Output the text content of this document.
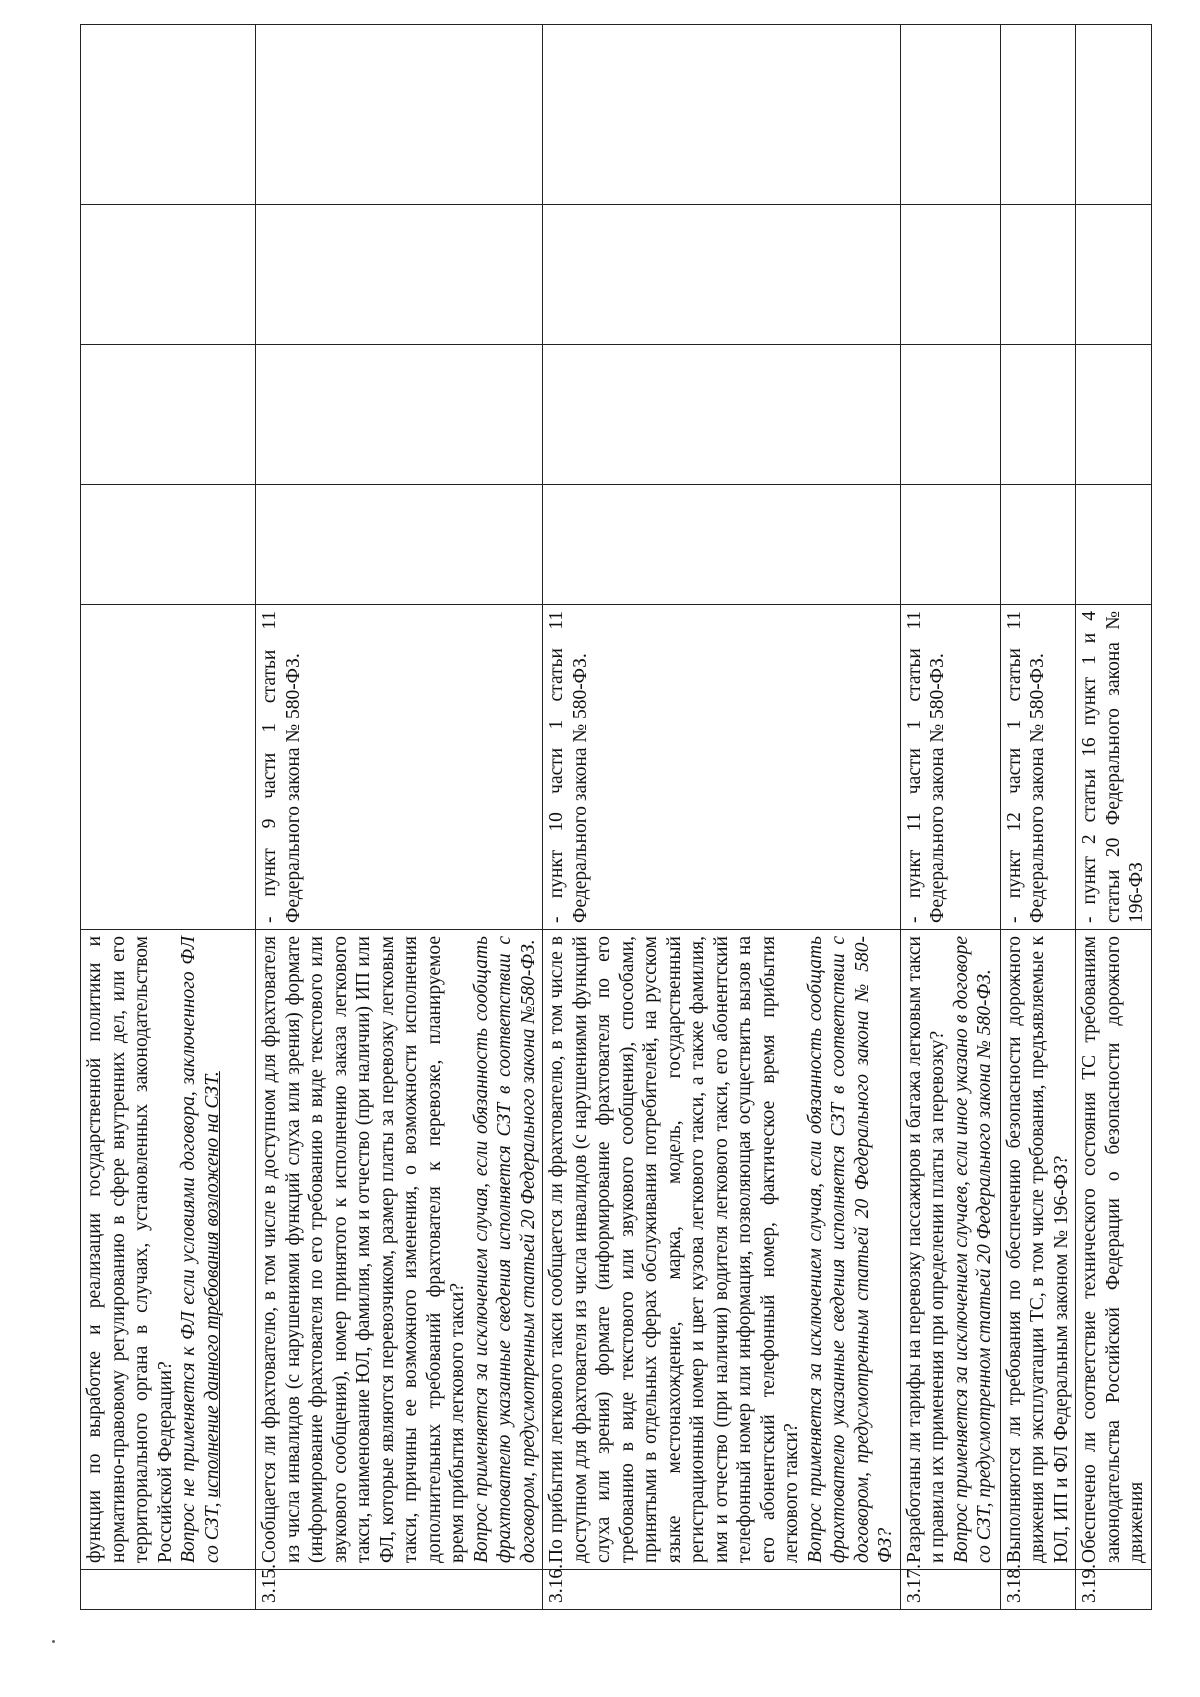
	функции по выработке и реализации государственной политики и нормативно-правовому регулированию в сфере внутренних дел, или его территориального органа в случаях, установленных законодательством Российской Федерации? Вопрос не применяется к ФЛ если условиями договора, заключенного ФЛ со СЗТ, исполнение данного требования возложено на СЗТ.					

3.15.	Сообщается ли фрахтователю, в том числе в доступном для фрахтователя из числа инвалидов (с нарушениями функций слуха или зрения) формате (информирование фрахтователя по его требованию в виде текстового или звукового сообщения), номер принятого к исполнению заказа легкового такси, наименование ЮЛ, фамилия, имя и отчество (при наличии) ИП или ФЛ, которые являются перевозчиком, размер платы за перевозку легковым такси, причины ее возможного изменения, о возможности исполнения дополнительных требований фрахтователя к перевозке, планируемое время прибытия легкового такси? Вопрос применяется за исключением случая, если обязанность сообщать фрахтователю указанные сведения исполняется СЗТ в соответствии с договором, предусмотренным статьей 20 Федерального закона №580-ФЗ.	- пункт 9 части 1 статьи 11 Федерального закона № 580-ФЗ.				

3.16.	По прибытии легкового такси сообщается ли фрахтователю, в том числе в доступном для фрахтователя из числа инвалидов (с нарушениями функций слуха или зрения) формате (информирование фрахтователя по его требованию в виде текстового или звукового сообщения), способами, принятыми в отдельных сферах обслуживания потребителей, на русском языке местонахождение, марка, модель, государственный регистрационный номер и цвет кузова легкового такси, а также фамилия, имя и отчество (при наличии) водителя легкового такси, его абонентский телефонный номер или информация, позволяющая осуществить вызов на его абонентский телефонный номер, фактическое время прибытия легкового такси? Вопрос применяется за исключением случая, если обязанность сообщать фрахтователю указанные сведения исполняется СЗТ в соответствии с договором, предусмотренным статьей 20 Федерального закона № 580-ФЗ?	- пункт 10 части 1 статьи 11 Федерального закона № 580-ФЗ.				

3.17.	Разработаны ли тарифы на перевозку пассажиров и багажа легковым такси и правила их применения при определении платы за перевозку? Вопрос применяется за исключением случаев, если иное указано в договоре со СЗТ, предусмотренном статьей 20 Федерального закона № 580-ФЗ.	- пункт 11 части 1 статьи 11 Федерального закона № 580-ФЗ.				

3.18.	Выполняются ли требования по обеспечению безопасности дорожного движения при эксплуатации ТС, в том числе требования, предъявляемые к ЮЛ, ИП и ФЛ Федеральным законом № 196-ФЗ?	- пункт 12 части 1 статьи 11 Федерального закона № 580-ФЗ.				

3.19.	Обеспечено ли соответствие технического состояния ТС требованиям законодательства Российской Федерации о безопасности дорожного движения	- пункт 2 статьи 16 пункт 1 и 4 статьи 20 Федерального закона № 196-ФЗ				
